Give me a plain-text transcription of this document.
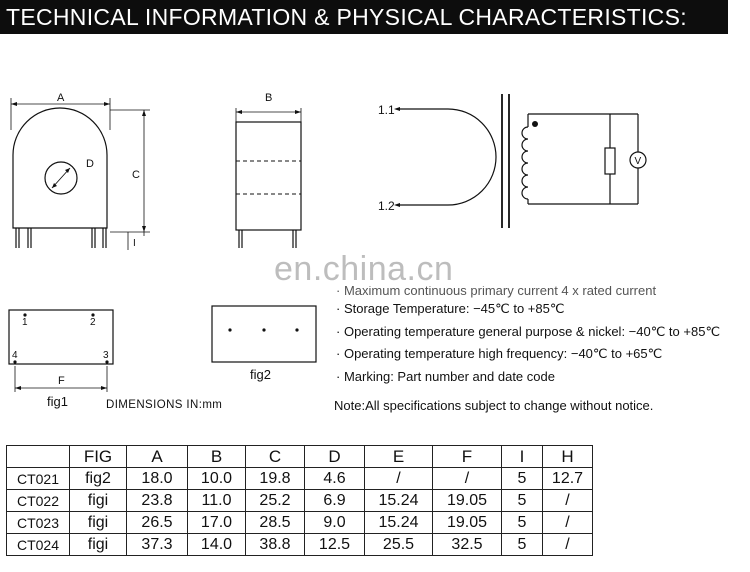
TECHNICAL INFORMATION & PHYSICAL CHARACTERISTICS:
A
C
D
I
F
1	2
4	3
B
1.1
1.2
V
en.china.cn
· Maximum continuous primary current 4 x rated current
· Storage Temperature: −45℃ to +85℃
· Operating temperature general purpose & nickel: −40℃ to +85℃
· Operating temperature high frequency: −40℃ to +65℃
· Marking: Part number and date code
Note:All specifications subject to change without notice.
DIMENSIONS IN:mm
fig1
fig2
	FIG	A	B	C	D	E	F	I	H
CT021	fig2	18.0	10.0	19.8	4.6	/	/	5	12.7
CT022	figi	23.8	11.0	25.2	6.9	15.24	19.05	5	/
CT023	figi	26.5	17.0	28.5	9.0	15.24	19.05	5	/
CT024	figi	37.3	14.0	38.8	12.5	25.5	32.5	5	/
